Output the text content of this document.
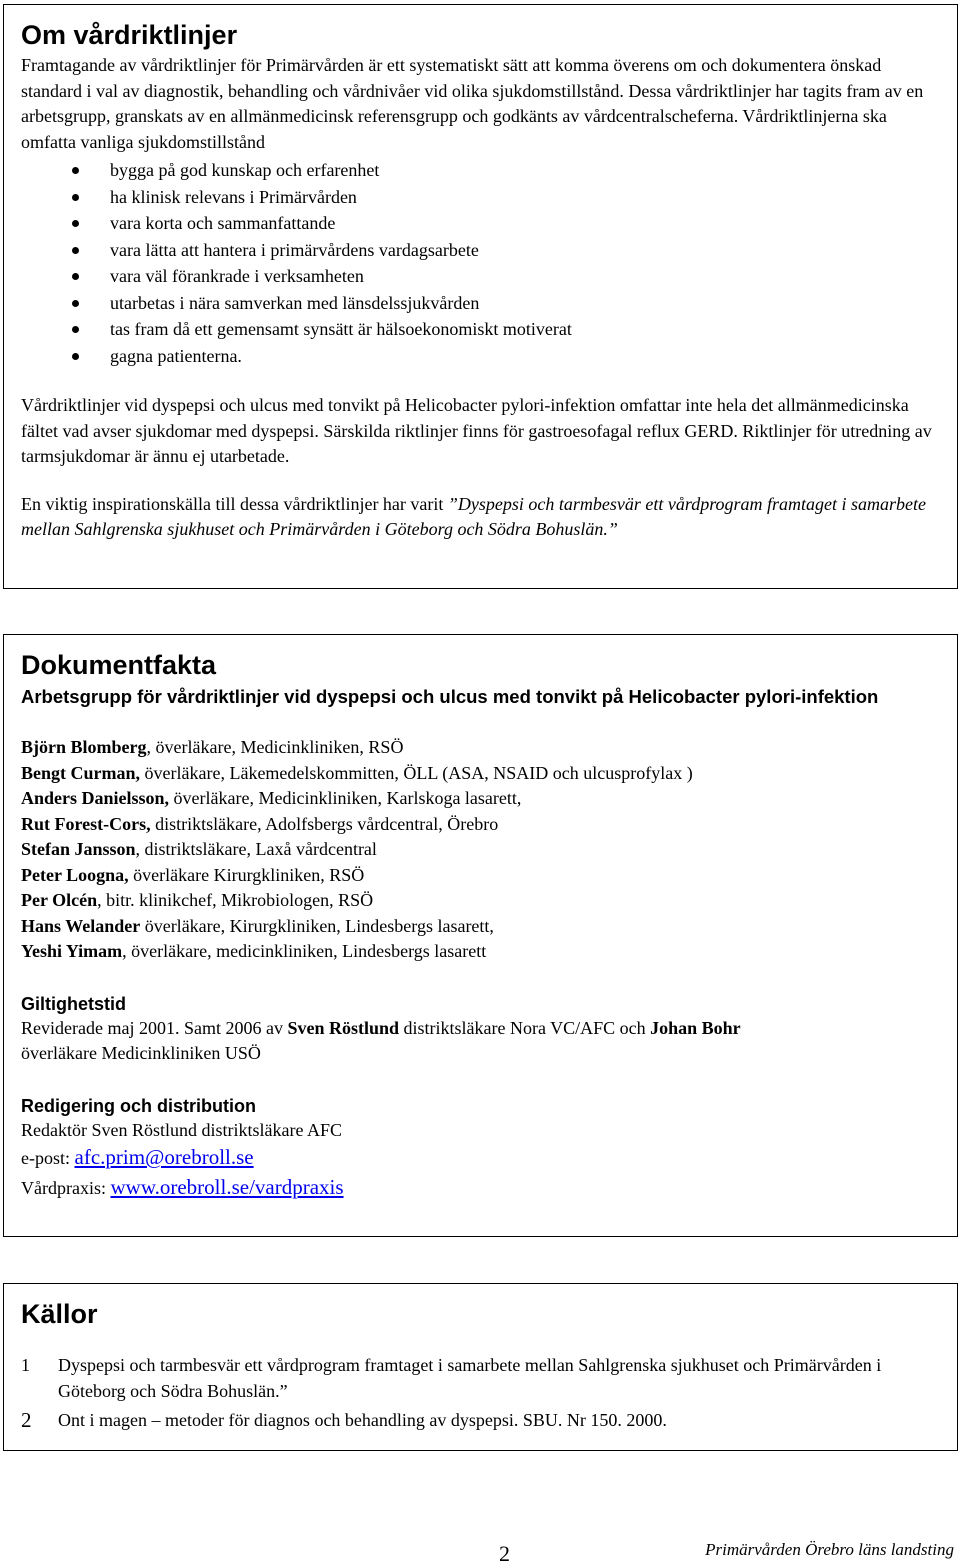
Om vårdriktlinjer

Framtagande av vårdriktlinjer för Primärvården är ett systematiskt sätt att komma överens om och dokumentera önskad standard i val av diagnostik, behandling och vårdnivåer vid olika sjukdomstillstånd. Dessa vårdriktlinjer har tagits fram av en arbetsgrupp, granskats av en allmänmedicinsk referensgrupp och godkänts av vårdcentralscheferna. Vårdriktlinjerna ska omfatta vanliga sjukdomstillstånd

bygga på god kunskap och erfarenhet
ha klinisk relevans i Primärvården
vara korta och sammanfattande
vara lätta att hantera i primärvårdens vardagsarbete
vara väl förankrade i verksamheten
utarbetas i nära samverkan med länsdelssjukvården
tas fram då ett gemensamt synsätt är hälsoekonomiskt motiverat
gagna patienterna.

Vårdriktlinjer vid dyspepsi och ulcus med tonvikt på Helicobacter pylori-infektion omfattar inte hela det allmänmedicinska fältet vad avser sjukdomar med dyspepsi. Särskilda riktlinjer finns för gastroesofagal reflux GERD. Riktlinjer för utredning av tarmsjukdomar är ännu ej utarbetade.

En viktig inspirationskälla till dessa vårdriktlinjer har varit ”Dyspepsi och tarmbesvär ett vårdprogram framtaget i samarbete mellan Sahlgrenska sjukhuset och Primärvården i Göteborg och Södra Bohuslän.”

Dokumentfakta
Arbetsgrupp för vårdriktlinjer vid dyspepsi och ulcus med tonvikt på Helicobacter pylori-infektion
Björn Blomberg, överläkare, Medicinkliniken, RSÖ
Bengt Curman, överläkare, Läkemedelskommitten, ÖLL (ASA, NSAID och ulcusprofylax )
Anders Danielsson, överläkare, Medicinkliniken, Karlskoga lasarett,
Rut Forest-Cors, distriktsläkare, Adolfsbergs vårdcentral, Örebro
Stefan Jansson, distriktsläkare, Laxå vårdcentral
Peter Loogna, överläkare Kirurgkliniken, RSÖ
Per Olcén, bitr. klinikchef, Mikrobiologen, RSÖ
Hans Welander överläkare, Kirurgkliniken, Lindesbergs lasarett,
Yeshi Yimam, överläkare, medicinkliniken, Lindesbergs lasarett
Giltighetstid
Reviderade maj 2001. Samt 2006 av Sven Röstlund distriktsläkare Nora VC/AFC och Johan Bohr
överläkare Medicinkliniken USÖ
Redigering och distribution
Redaktör Sven Röstlund distriktsläkare AFC
e-post: afc.prim@orebroll.se
Vårdpraxis: www.orebroll.se/vardpraxis
Källor
1 Dyspepsi och tarmbesvär ett vårdprogram framtaget i samarbete mellan Sahlgrenska sjukhuset och Primärvården i Göteborg och Södra Bohuslän.”
2 Ont i magen – metoder för diagnos och behandling av dyspepsi. SBU. Nr 150. 2000.
2	Primärvården Örebro läns landsting
